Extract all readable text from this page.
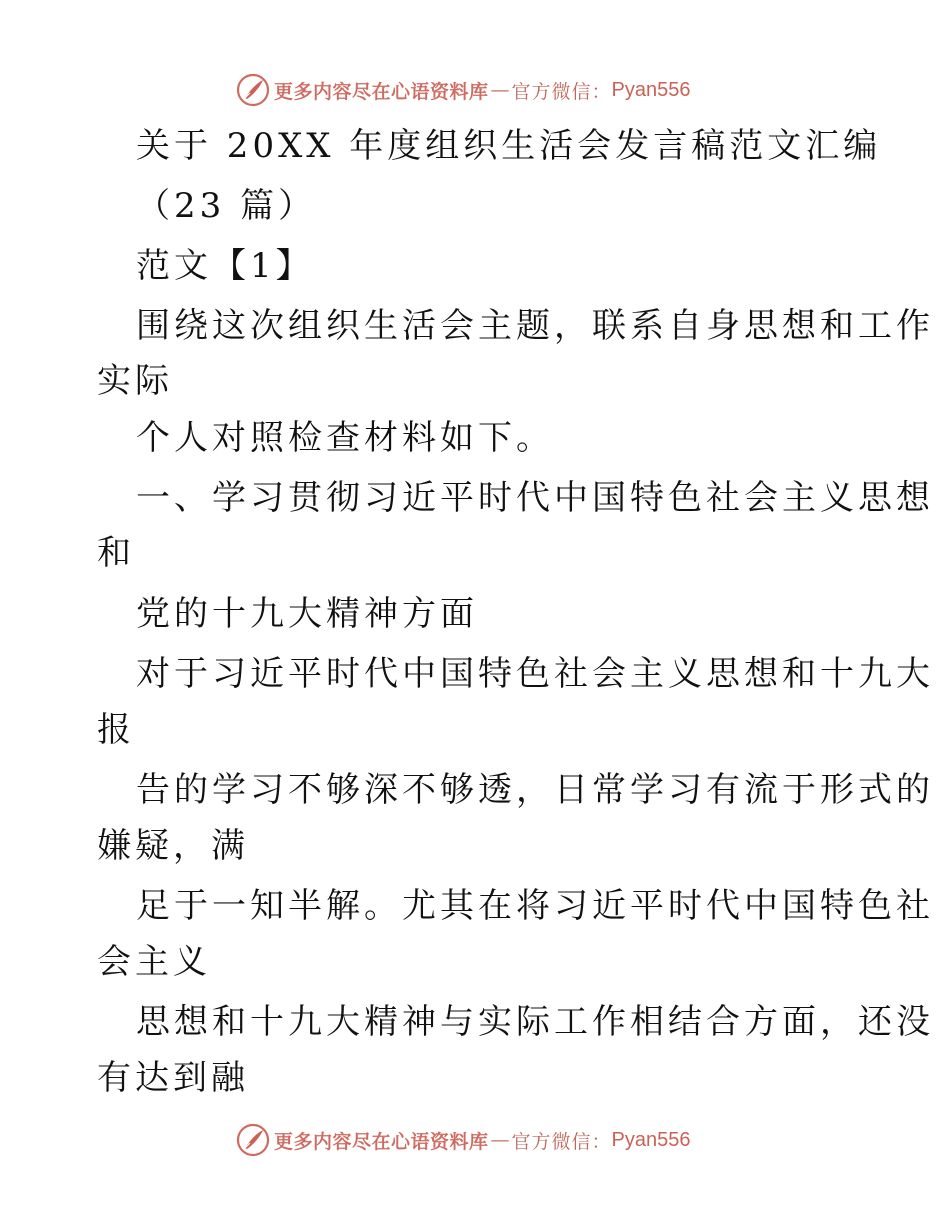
更多内容尽在心语资料库 — 官方微信： Pyan556
关于 20XX 年度组织生活会发言稿范文汇编
（23 篇）
范文【1】
围绕这次组织生活会主题，联系自身思想和工作
实际
个人对照检查材料如下。
一、学习贯彻习近平时代中国特色社会主义思想
和
党的十九大精神方面
对于习近平时代中国特色社会主义思想和十九大
报
告的学习不够深不够透，日常学习有流于形式的
嫌疑，满
足于一知半解。尤其在将习近平时代中国特色社
会主义
思想和十九大精神与实际工作相结合方面，还没
有达到融
更多内容尽在心语资料库 — 官方微信： Pyan556
